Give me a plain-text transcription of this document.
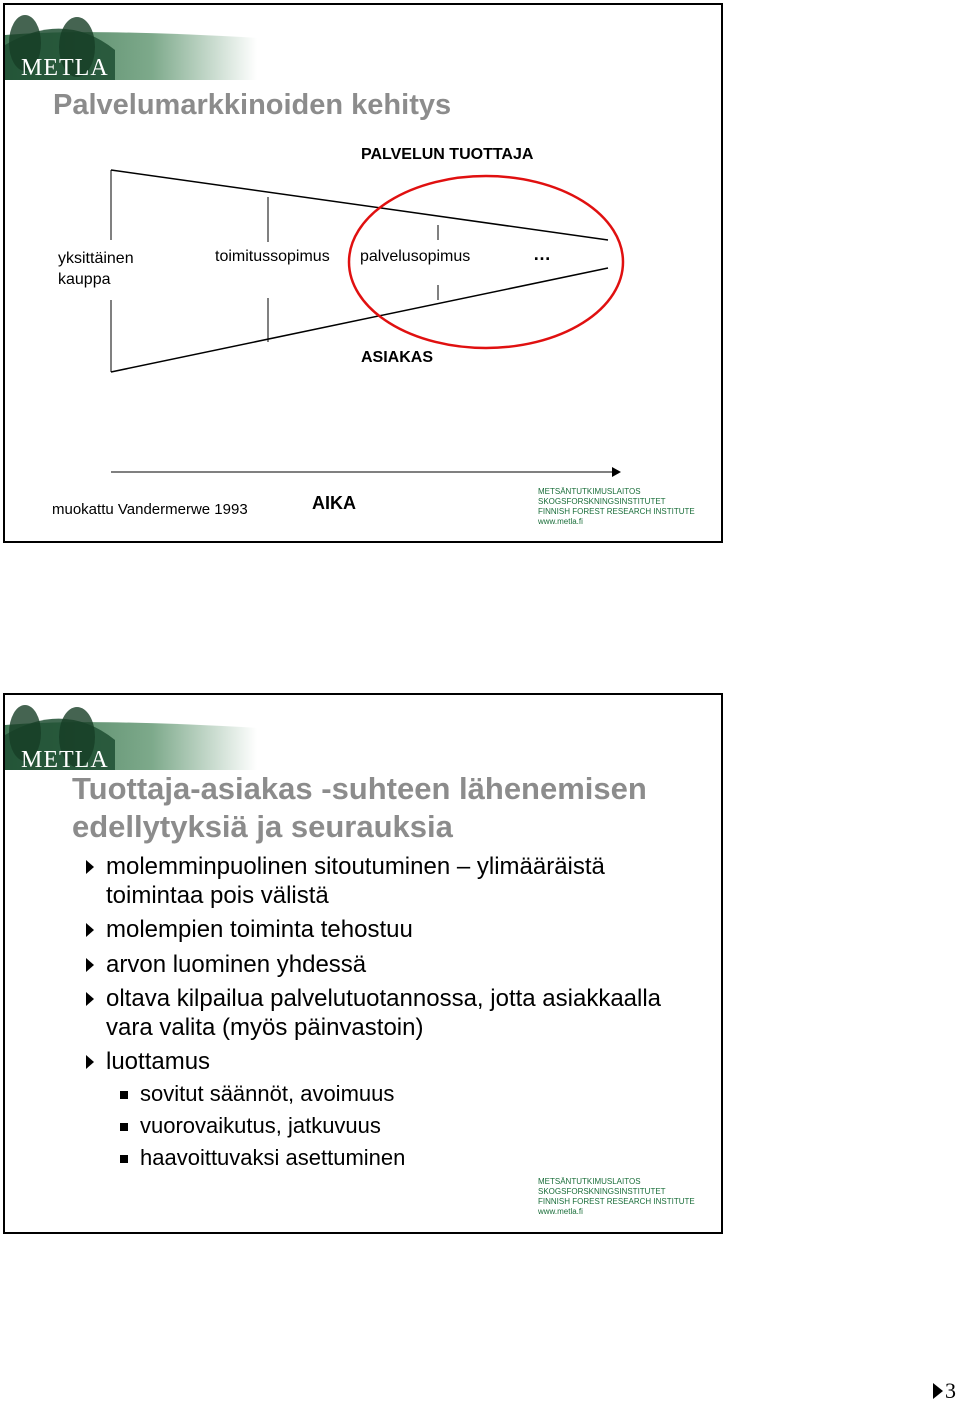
METLA
Palvelumarkkinoiden kehitys
PALVELUN TUOTTAJA
yksittäinen
kauppa
toimitussopimus palvelusopimus	…
ASIAKAS
AIKA
muokattu Vandermerwe 1993
METSÄNTUTKIMUSLAITOS
SKOGSFORSKNINGSINSTITUTET
FINNISH FOREST RESEARCH INSTITUTE
www.metla.fi
METLA
Tuottaja-asiakas -suhteen lähenemisen edellytyksiä ja seurauksia
molemminpuolinen sitoutuminen – ylimääräistä toimintaa pois välistä
molempien toiminta tehostuu
arvon luominen yhdessä
oltava kilpailua palvelutuotannossa, jotta asiakkaalla vara valita (myös päinvastoin)
luottamus
sovitut säännöt, avoimuus
vuorovaikutus, jatkuvuus
haavoittuvaksi asettuminen
METSÄNTUTKIMUSLAITOS
SKOGSFORSKNINGSINSTITUTET
FINNISH FOREST RESEARCH INSTITUTE
www.metla.fi
3
